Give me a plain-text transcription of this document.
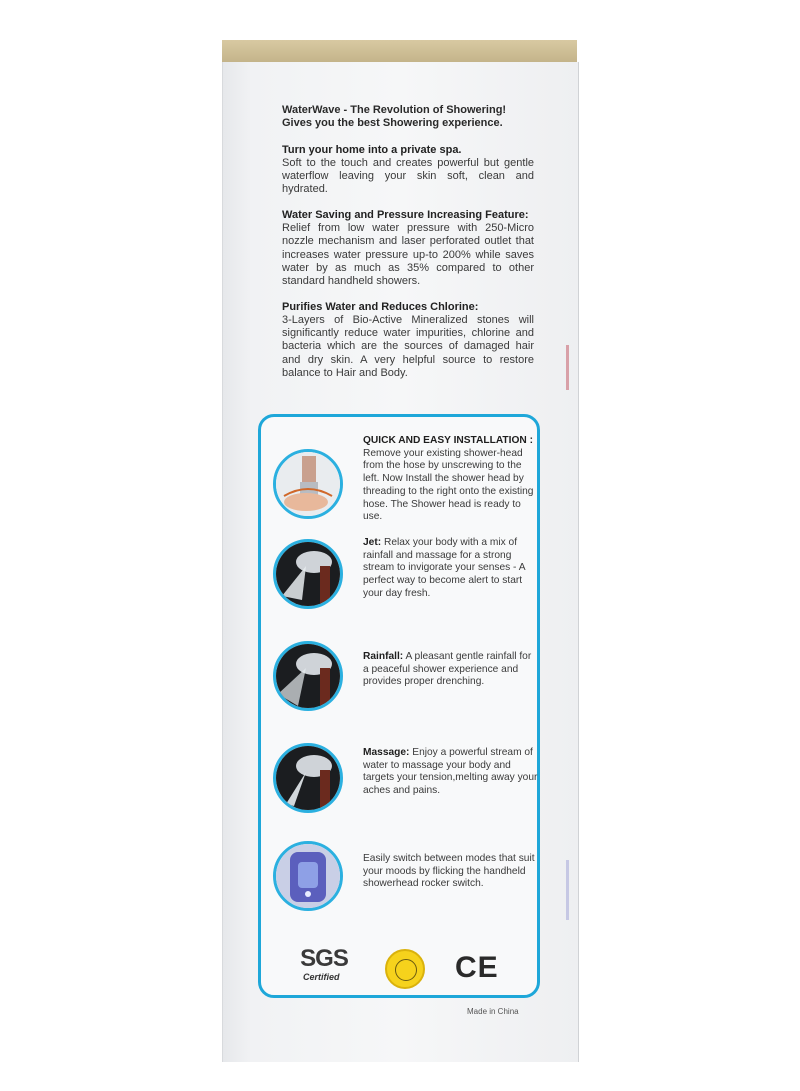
WaterWave - The Revolution of Showering!

Gives you the best Showering experience.

Turn your home into a private spa.

Soft to the touch and creates powerful but gentle waterflow leaving your skin soft, clean and hydrated.

Water Saving and Pressure Increasing Feature:

Relief from low water pressure with 250-Micro nozzle mechanism and laser perforated outlet that increases water pressure up-to 200% while saves water by as much as 35% compared to other standard handheld showers.

Purifies Water and Reduces Chlorine:

3-Layers of Bio-Active Mineralized stones will significantly reduce water impurities, chlorine and bacteria which are the sources of damaged hair and dry skin. A very helpful source to restore balance to Hair and Body.

QUICK AND EASY INSTALLATION : Remove your existing shower-head from the hose by unscrewing to the left. Now Install the shower head by threading to the right onto the existing hose. The Shower head is ready to use.
Jet: Relax your body with a mix of rainfall and massage for a strong stream to invigorate your senses - A perfect way to become alert to start your day fresh.
Rainfall: A pleasant gentle rainfall for a peaceful shower experience and provides proper drenching.
Massage: Enjoy a powerful stream of water to massage your body and targets your tension,melting away your aches and pains.
Easily switch between modes that suit your moods by flicking the handheld showerhead rocker switch.
SGS
Certified	CE
Made in China
